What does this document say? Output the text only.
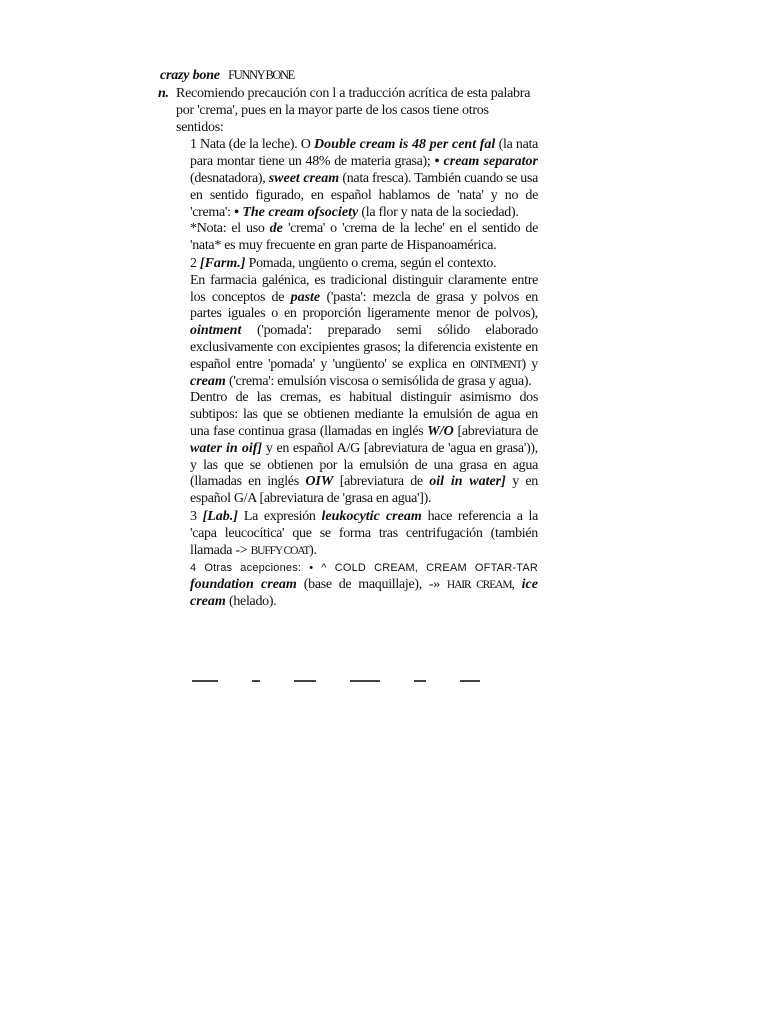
crazy bone FUNNY BONE
n. Recomiendo precaución con l a traducción acrítica de esta palabra por 'crema', pues en la mayor parte de los casos tiene otros sentidos:

1 Nata (de la leche). O Double cream is 48 per cent fal (la nata para montar tiene un 48% de materia grasa); • cream separator (desnatadora), sweet cream (nata fresca). También cuando se usa en sentido figurado, en español hablamos de 'nata' y no de 'crema': • The cream ofsociety (la flor y nata de la sociedad).

*Nota: el uso de 'crema' o 'crema de la leche' en el sentido de 'nata* es muy frecuente en gran parte de Hispanoamérica.

2 [Farm.] Pomada, ungüento o crema, según el contexto.

En farmacia galénica, es tradicional distinguir claramente entre los conceptos de paste ('pasta': mezcla de grasa y polvos en partes iguales o en proporción ligeramente menor de polvos), ointment ('pomada': preparado semi sólido elaborado exclusivamente con excipientes grasos; la diferencia existente en español entre 'pomada' y 'ungüento' se explica en OINTMENT) y cream ('crema': emulsión viscosa o semisólida de grasa y agua).

Dentro de las cremas, es habitual distinguir asimismo dos subtipos: las que se obtienen mediante la emulsión de agua en una fase continua grasa (llamadas en inglés W/O [abreviatura de water in oif] y en español A/G [abreviatura de 'agua en grasa')), y las que se obtienen por la emulsión de una grasa en agua (llamadas en inglés OIW [abreviatura de oil in water] y en español G/A [abreviatura de 'grasa en agua']).

3 [Lab.] La expresión leukocytic cream hace referencia a la 'capa leucocítica' que se forma tras centrifugación (también llamada -> BUFFY COAT).

4 Otras acepciones: • ^ COLD CREAM, CREAM OFTAR-TAR foundation cream (base de maquillaje), -» HAIR CREAM, ice cream (helado).
